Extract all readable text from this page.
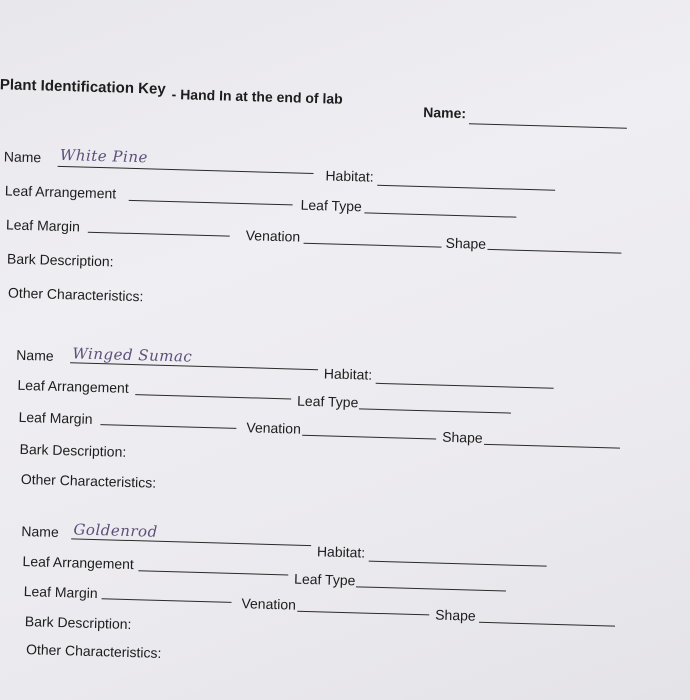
Plant Identification Key - Hand In at the end of lab
Name:
Name White Pine
Habitat:
Leaf Arrangement
Leaf Type
Leaf Margin
Venation	Shape
Bark Description:
Other Characteristics:
Name Winged Sumac
Habitat:
Leaf Arrangement
Leaf Type
Leaf Margin
Venation
Shape
Bark Description:
Other Characteristics:
Name Goldenrod
Habitat:
Leaf Arrangement
Leaf Type
Leaf Margin
Venation
Shape
Bark Description:
Other Characteristics:
